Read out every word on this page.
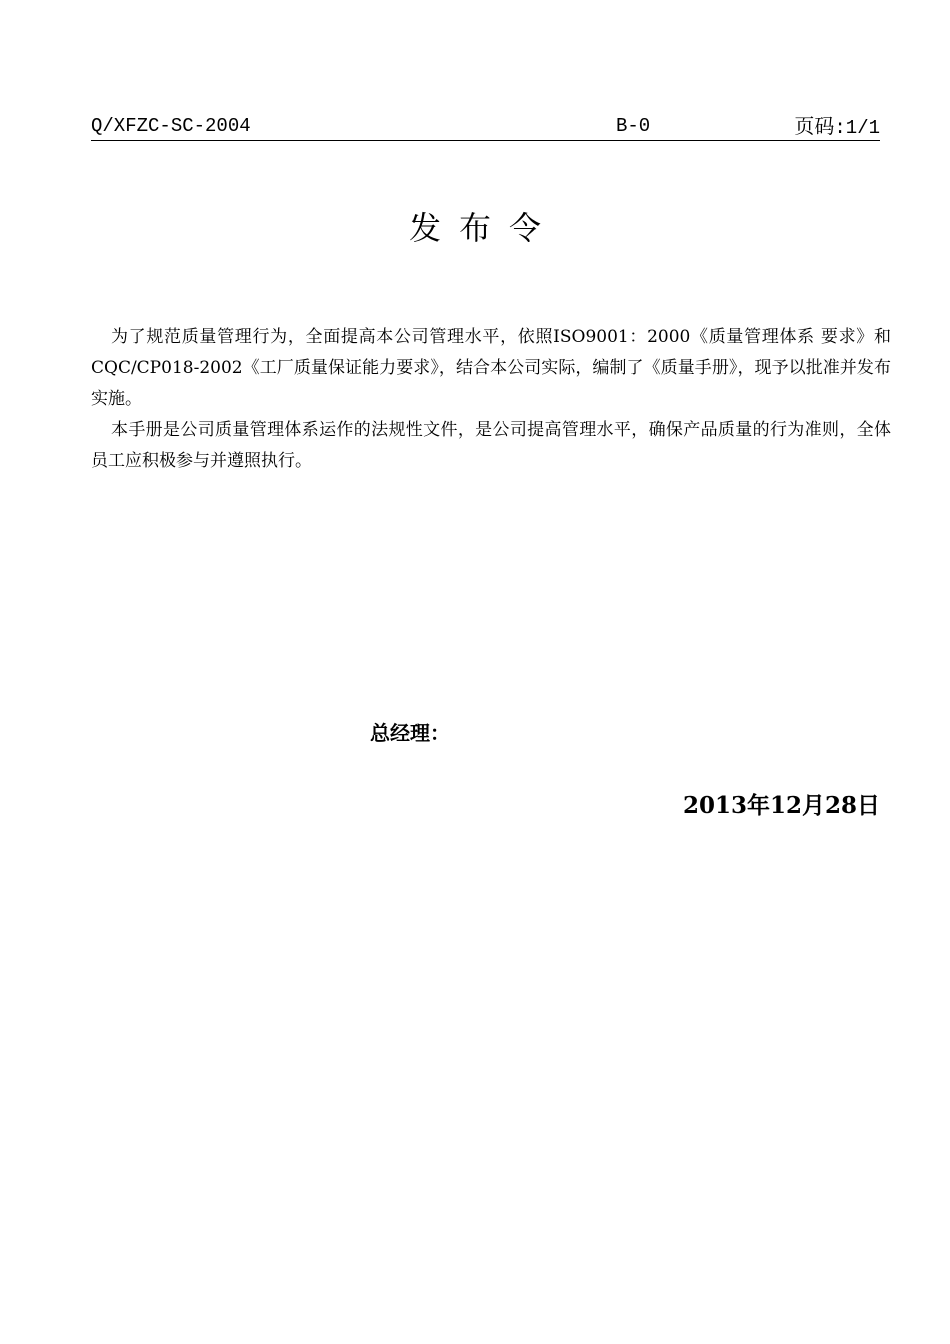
Q/XFZC-SC-2004	B-0	页码:1/1
发布令

为了规范质量管理行为，全面提高本公司管理水平，依照ISO9001：2000《质量管理体系 要求》和CQC/CP018-2002《工厂质量保证能力要求》，结合本公司实际，编制了《质量手册》，现予以批准并发布实施。

本手册是公司质量管理体系运作的法规性文件，是公司提高管理水平，确保产品质量的行为准则，全体员工应积极参与并遵照执行。

总经理：
2013年12月28日
